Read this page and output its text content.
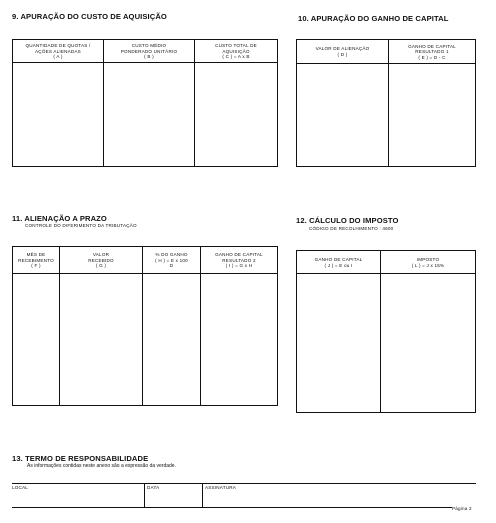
9. APURAÇÃO DO CUSTO DE AQUISIÇÃO
QUANTIDADE DE QUOTAS /
AÇÕES ALIENADAS
( A )
CUSTO MÉDIO
PONDERADO UNITÁRIO
( B )
CUSTO TOTAL DE
AQUISIÇÃO
( C ) = A x B
10. APURAÇÃO DO GANHO DE CAPITAL
VALOR DE ALIENAÇÃO
( D )
GANHO DE CAPITAL
RESULTADO 1
( E ) = D - C
11. ALIENAÇÃO A PRAZO
CONTROLE DO DIFERIMENTO DA TRIBUTAÇÃO
MÊS DE
RECEBIMENTO
( F )
VALOR
RECEBIDO
( G )
% DO GANHO
( H ) = E x 100
D
GANHO DE CAPITAL
RESULTADO 2
( I ) = G x H
12. CÁLCULO DO IMPOSTO
CÓDIGO DE RECOLHIMENTO : 4600
GANHO DE CAPITAL
( J ) = E ou I
IMPOSTO
( L ) = J x 15%
13. TERMO DE RESPONSABILIDADE
As informações contidas neste anexo são a expressão da verdade.
LOCAL	DATA	ASSINATURA
Página 2
